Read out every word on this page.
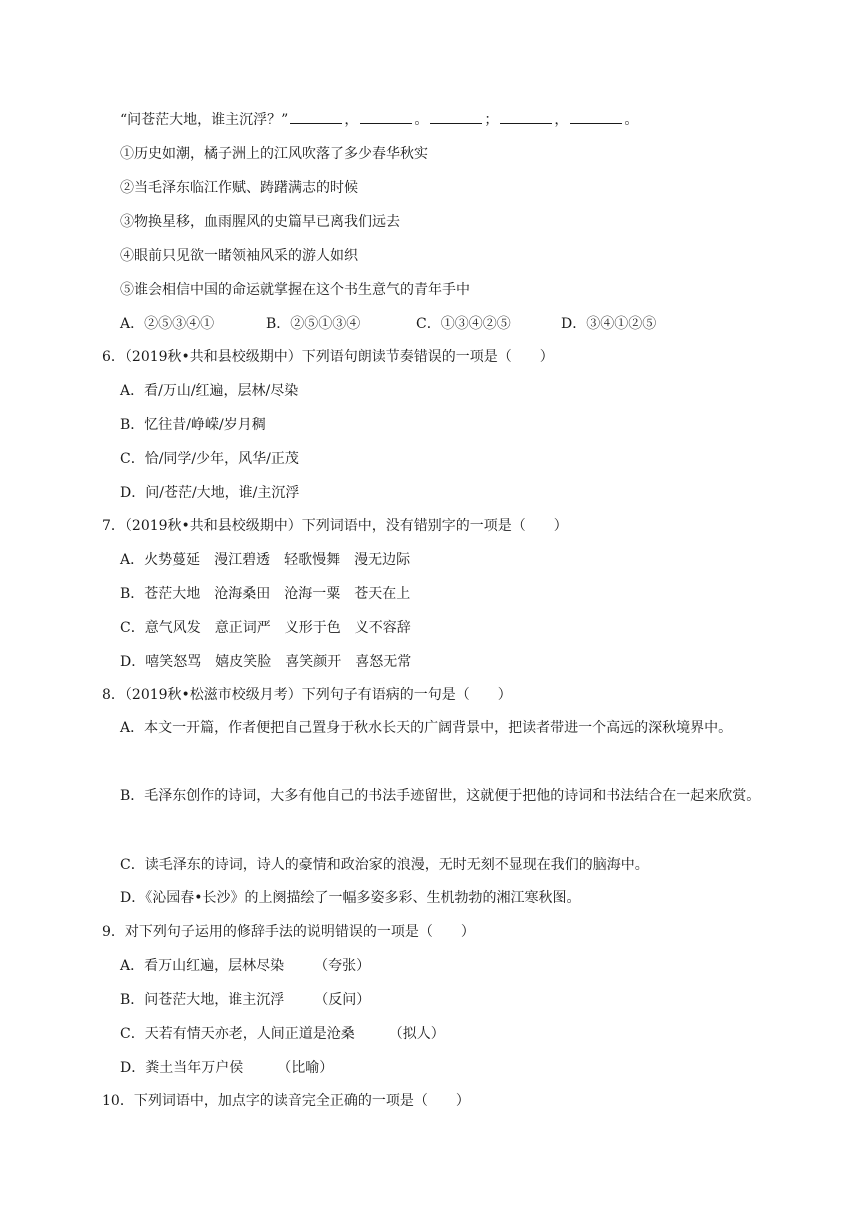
“问苍茫大地，谁主沉浮？”	，	。	；	，	。
①历史如潮，橘子洲上的江风吹落了多少春华秋实
②当毛泽东临江作赋、踌躇满志的时候
③物换星移，血雨腥风的史篇早已离我们远去
④眼前只见欲一睹领袖风采的游人如织
⑤谁会相信中国的命运就掌握在这个书生意气的青年手中
A．②⑤③④①	B．②⑤①③④	C．①③④②⑤	D．③④①②⑤
6．（2019秋•共和县校级期中）下列语句朗读节奏错误的一项是（　　）
A．看/万山/红遍，层林/尽染
B．忆往昔/峥嵘/岁月稠
C．恰/同学/少年，风华/正茂
D．问/苍茫/大地，谁/主沉浮
7．（2019秋•共和县校级期中）下列词语中，没有错别字的一项是（　　）
A．火势蔓延　漫江碧透　轻歌慢舞　漫无边际
B．苍茫大地　沧海桑田　沧海一粟　苍天在上
C．意气风发　意正词严　义形于色　义不容辞
D．嘻笑怒骂　嬉皮笑脸　喜笑颜开　喜怒无常
8．（2019秋•松滋市校级月考）下列句子有语病的一句是（　　）
A．本文一开篇，作者便把自己置身于秋水长天的广阔背景中，把读者带进一个高远的深秋境界中。
B．毛泽东创作的诗词，大多有他自己的书法手迹留世，这就便于把他的诗词和书法结合在一起来欣赏。
C．读毛泽东的诗词，诗人的豪情和政治家的浪漫，无时无刻不显现在我们的脑海中。
D．《沁园春•长沙》的上阕描绘了一幅多姿多彩、生机勃勃的湘江寒秋图。
9．对下列句子运用的修辞手法的说明错误的一项是（　　）
A．看万山红遍，层林尽染 （夸张）
B．问苍茫大地，谁主沉浮 （反问）
C．天若有情天亦老，人间正道是沧桑 （拟人）
D．粪土当年万户侯 （比喻）
10．下列词语中，加点字的读音完全正确的一项是（　　）
